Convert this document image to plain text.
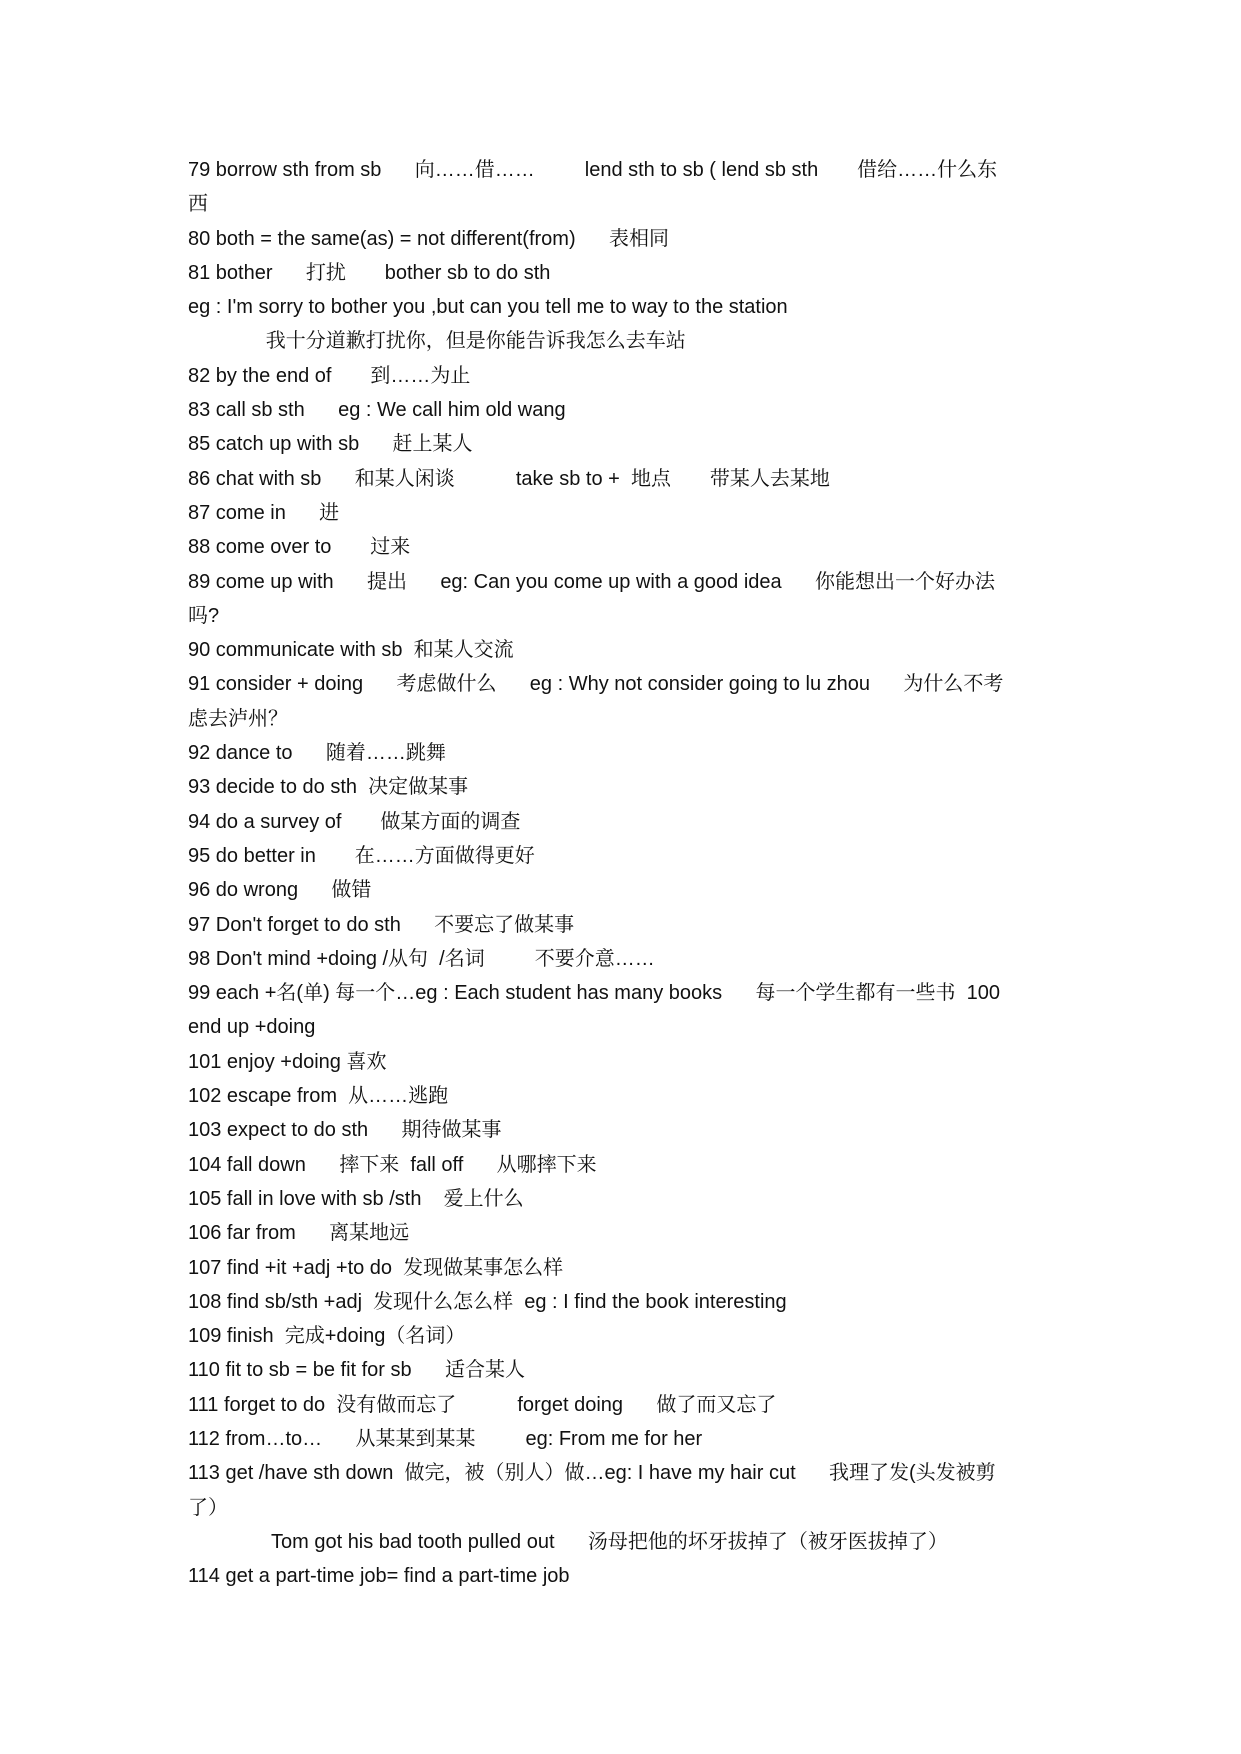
79 borrow sth from sb      向……借……         lend sth to sb ( lend sb sth       借给……什么东
西
80 both = the same(as) = not different(from)      表相同
81 bother      打扰       bother sb to do sth
eg : I'm sorry to bother you ,but can you tell me to way to the station
我十分道歉打扰你，但是你能告诉我怎么去车站
82 by the end of       到……为止
83 call sb sth      eg : We call him old wang
85 catch up with sb      赶上某人
86 chat with sb      和某人闲谈           take sb to +  地点       带某人去某地
87 come in      进
88 come over to       过来
89 come up with      提出      eg: Can you come up with a good idea      你能想出一个好办法
吗?
90 communicate with sb  和某人交流
91 consider + doing      考虑做什么      eg : Why not consider going to lu zhou      为什么不考
虑去泸州？
92 dance to      随着……跳舞
93 decide to do sth  决定做某事
94 do a survey of       做某方面的调查
95 do better in       在……方面做得更好
96 do wrong      做错
97 Don't forget to do sth      不要忘了做某事
98 Don't mind +doing /从句  /名词         不要介意……
99 each +名(单) 每一个…eg : Each student has many books      每一个学生都有一些书  100
end up +doing
101 enjoy +doing 喜欢
102 escape from  从……逃跑
103 expect to do sth      期待做某事
104 fall down      摔下来  fall off      从哪摔下来
105 fall in love with sb /sth    爱上什么
106 far from      离某地远
107 find +it +adj +to do  发现做某事怎么样
108 find sb/sth +adj  发现什么怎么样  eg : I find the book interesting
109 finish  完成+doing（名词）
110 fit to sb = be fit for sb      适合某人
111 forget to do  没有做而忘了           forget doing      做了而又忘了
112 from…to…      从某某到某某         eg: From me for her
113 get /have sth down  做完，被（别人）做…eg: I have my hair cut      我理了发(头发被剪
了）
Tom got his bad tooth pulled out      汤母把他的坏牙拔掉了（被牙医拔掉了）
114 get a part-time job= find a part-time job
